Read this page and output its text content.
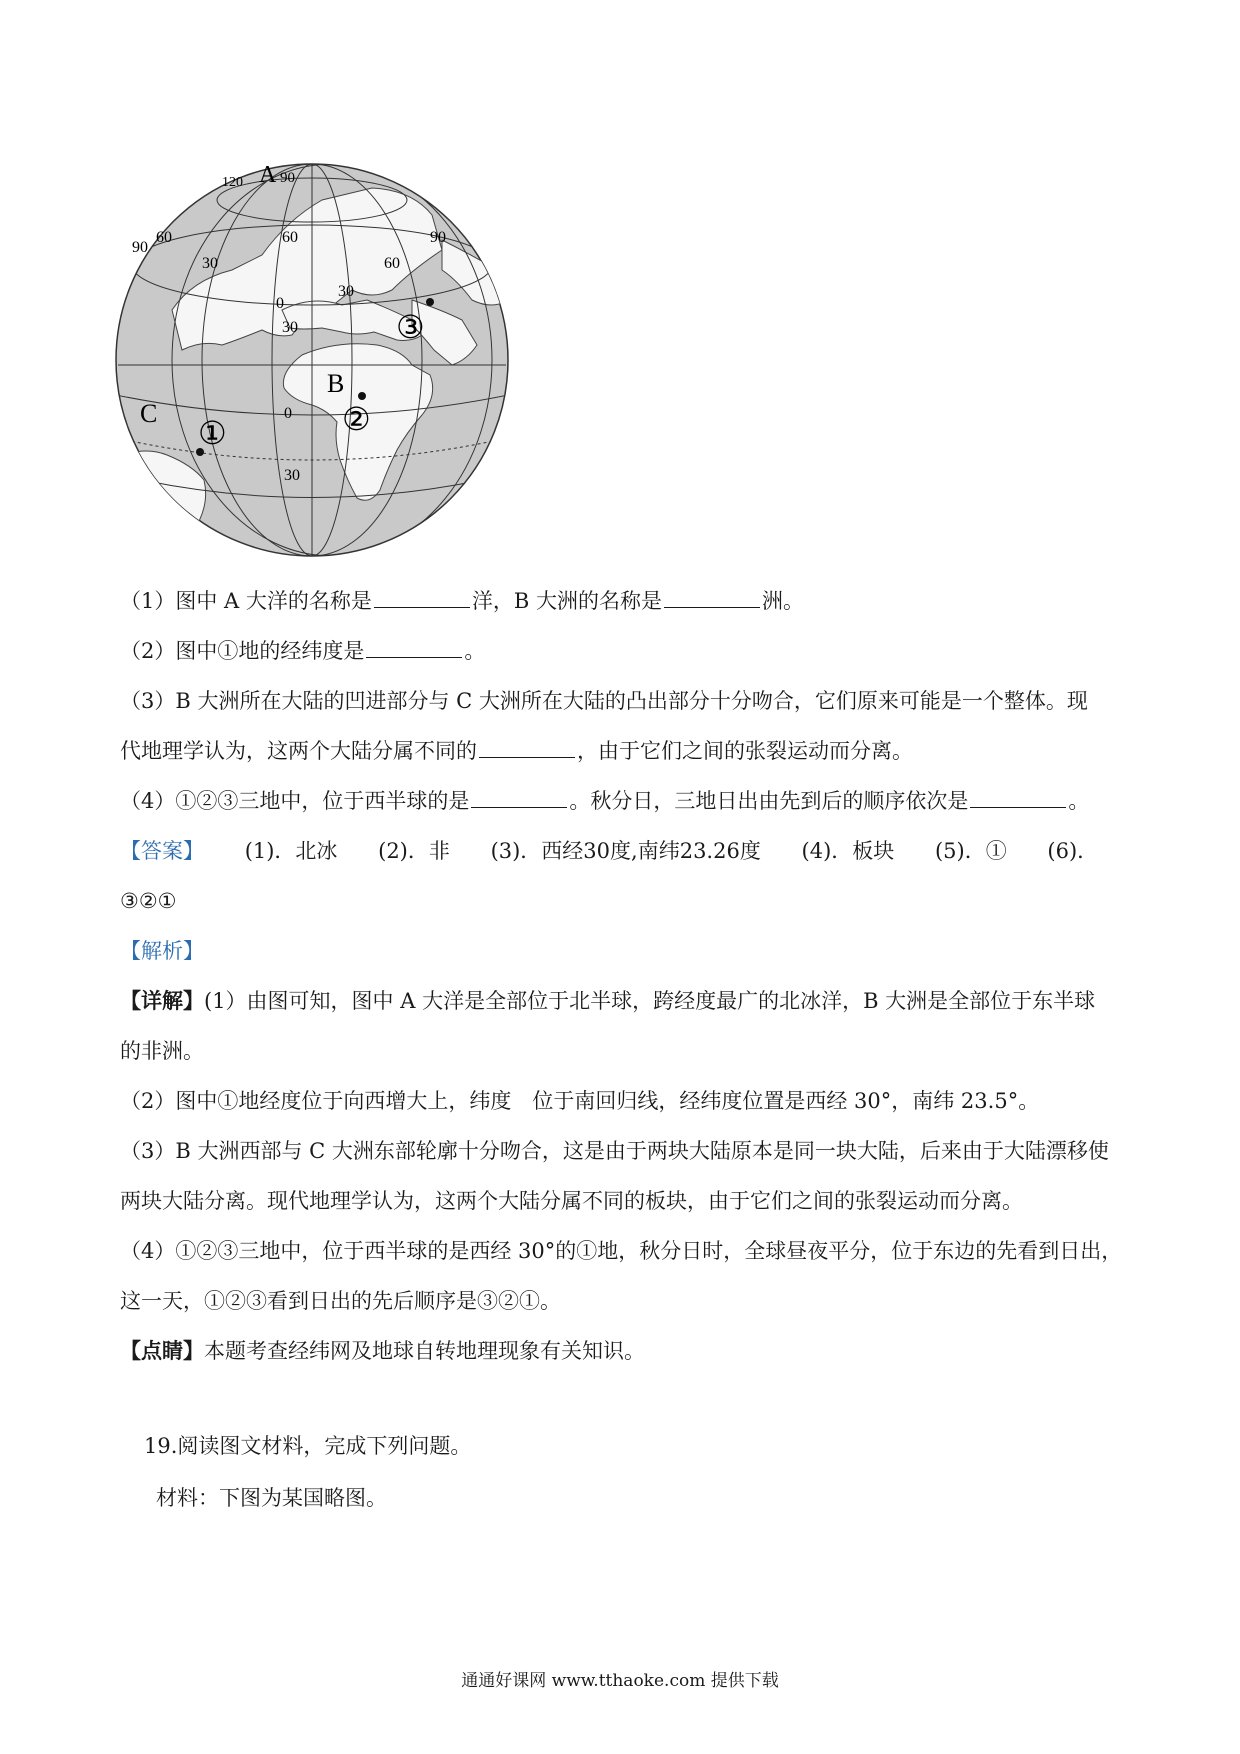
A
B
C
90
120
90
60	90
60
60
30
0
30
30
0
30
①	②
③
（1）图中 A 大洋的名称是	洋，B 大洲的名称是	洲。
（2）图中①地的经纬度是	。
（3）B 大洲所在大陆的凹进部分与 C 大洲所在大陆的凸出部分十分吻合，它们原来可能是一个整体。现
代地理学认为，这两个大陆分属不同的	，由于它们之间的张裂运动而分离。
（4）①②③三地中，位于西半球的是	。秋分日，三地日出由先到后的顺序依次是	。
【答案】 (1)．北冰 (2)．非 (3)．西经30度,南纬23.26度 (4)．板块 (5)．① (6)．
③②①
【解析】
【详解】(1）由图可知，图中 A 大洋是全部位于北半球，跨经度最广的北冰洋，B 大洲是全部位于东半球
的非洲。
（2）图中①地经度位于向西增大上，纬度　位于南回归线，经纬度位置是西经 30°，南纬 23.5°。
（3）B 大洲西部与 C 大洲东部轮廓十分吻合，这是由于两块大陆原本是同一块大陆，后来由于大陆漂移使
两块大陆分离。现代地理学认为，这两个大陆分属不同的板块，由于它们之间的张裂运动而分离。
（4）①②③三地中，位于西半球的是西经 30°的①地，秋分日时，全球昼夜平分，位于东边的先看到日出，
这一天，①②③看到日出的先后顺序是③②①。
【点睛】本题考查经纬网及地球自转地理现象有关知识。
19.阅读图文材料，完成下列问题。
材料：下图为某国略图。
通通好课网 www.tthaoke.com 提供下载
